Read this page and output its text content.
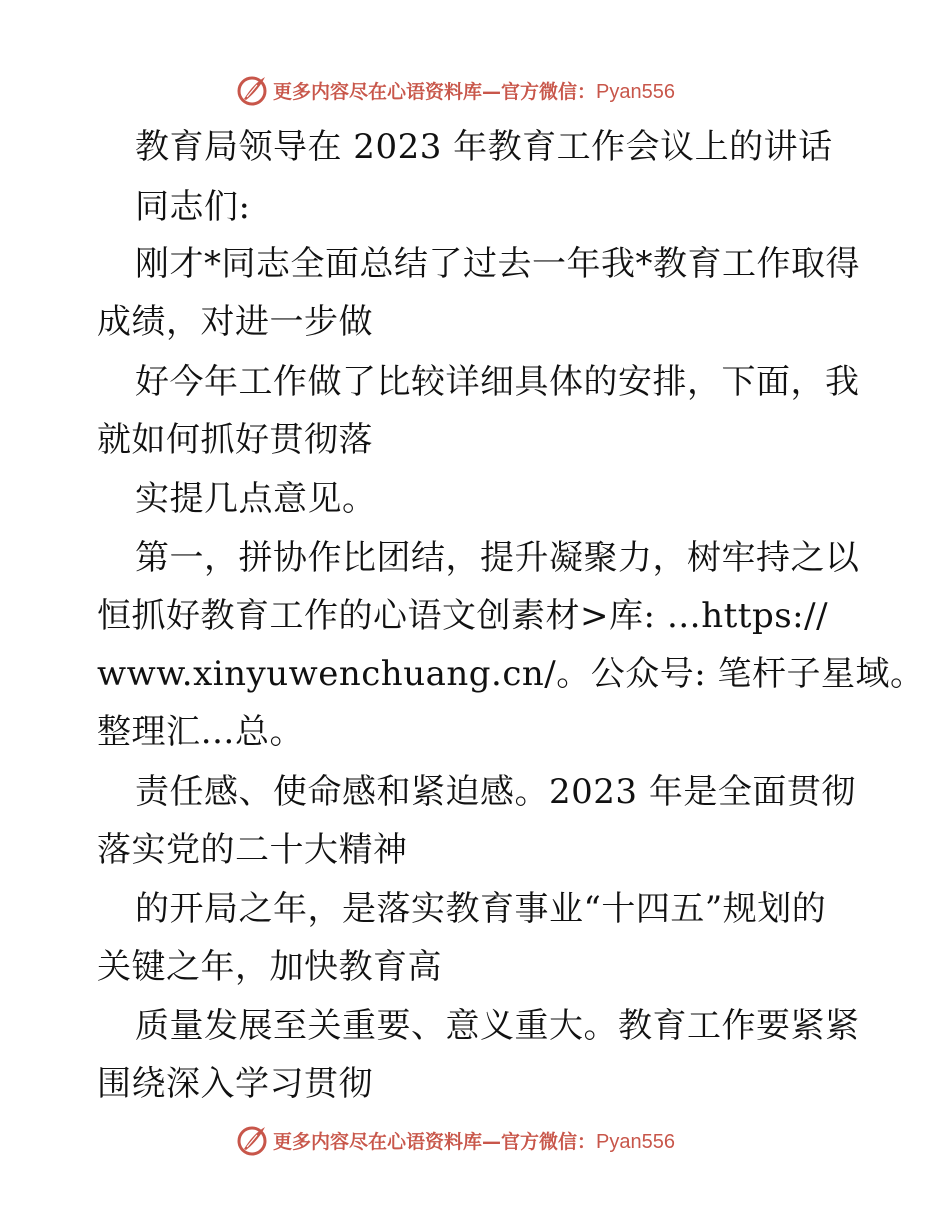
更多内容尽在心语资料库—官方微信：Pyan556
教育局领导在 2023 年教育工作会议上的讲话
同志们:
刚才*同志全面总结了过去一年我*教育工作取得
成绩，对进一步做
好今年工作做了比较详细具体的安排，下面，我
就如何抓好贯彻落
实提几点意见。
第一，拼协作比团结，提升凝聚力，树牢持之以
恒抓好教育工作的心语文创素材>库: …https://
www.xinyuwenchuang.cn/。公众号: 笔杆子星域。
整理汇…总。
责任感、使命感和紧迫感。2023 年是全面贯彻
落实党的二十大精神
的开局之年，是落实教育事业“十四五”规划的
关键之年，加快教育高
质量发展至关重要、意义重大。教育工作要紧紧
围绕深入学习贯彻
更多内容尽在心语资料库—官方微信：Pyan556
